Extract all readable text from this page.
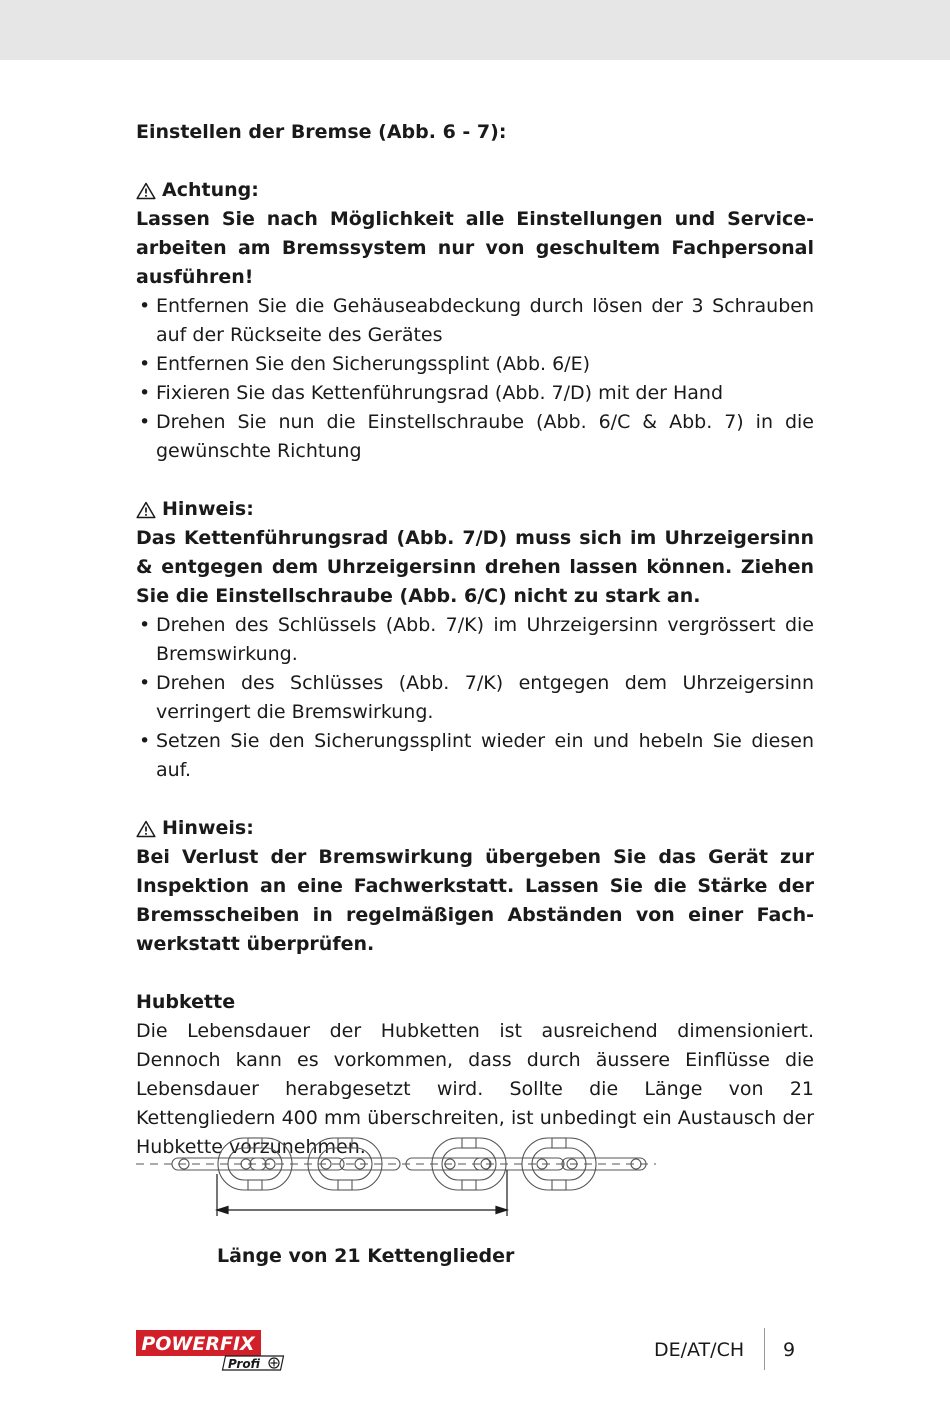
Einstellen der Bremse (Abb. 6 - 7):

Achtung:

Lassen Sie nach Möglichkeit alle Einstellungen und Servicearbeiten am Bremssystem nur von geschultem Fachpersonal ausführen!

• Entfernen Sie die Gehäuseabdeckung durch lösen der 3 Schrauben auf der Rückseite des Gerätes
• Entfernen Sie den Sicherungssplint (Abb. 6/E)
• Fixieren Sie das Kettenführungsrad (Abb. 7/D) mit der Hand
• Drehen Sie nun die Einstellschraube (Abb. 6/C & Abb. 7) in die gewünschte Richtung
Hinweis:

Das Kettenführungsrad (Abb. 7/D) muss sich im Uhrzeigersinn & entgegen dem Uhrzeigersinn drehen lassen können. Ziehen Sie die Einstellschraube (Abb. 6/C) nicht zu stark an.

• Drehen des Schlüssels (Abb. 7/K) im Uhrzeigersinn vergrössert die Bremswirkung.
• Drehen des Schlüsses (Abb. 7/K) entgegen dem Uhrzeigersinn verringert die Bremswirkung.
• Setzen Sie den Sicherungssplint wieder ein und hebeln Sie diesen auf.
Hinweis:

Bei Verlust der Bremswirkung übergeben Sie das Gerät zur Inspektion an eine Fachwerkstatt. Lassen Sie die Stärke der Bremsscheiben in regelmäßigen Abständen von einer Fachwerkstatt überprüfen.

Hubkette

Die Lebensdauer der Hubketten ist ausreichend dimensioniert. Dennoch kann es vorkommen, dass durch äussere Einflüsse die Lebensdauer herabgesetzt wird. Sollte die Länge von 21 Kettengliedern 400 mm überschreiten, ist unbedingt ein Austausch der Hubkette vorzunehmen.

Länge von 21 Kettenglieder
POWERFIX
Profi
DE/AT/CH 9
